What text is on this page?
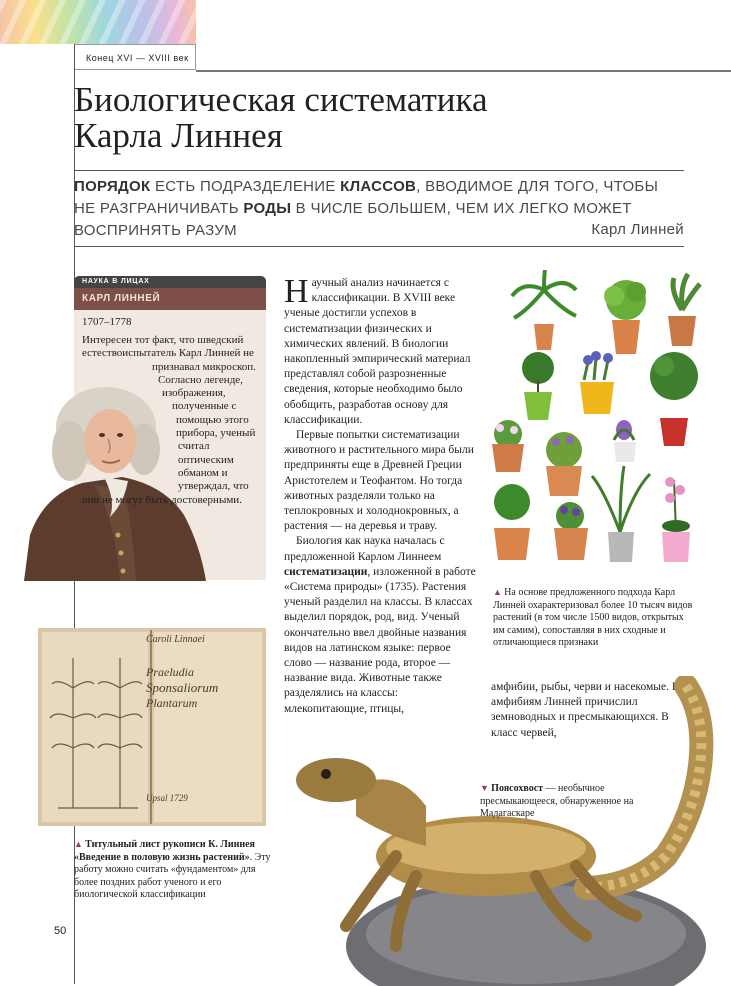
Конец XVI — XVIII век
Биологическая систематика
Карла Линнея
ПОРЯДОК ЕСТЬ ПОДРАЗДЕЛЕНИЕ КЛАССОВ, ВВОДИМОЕ ДЛЯ ТОГО, ЧТОБЫ НЕ РАЗГРАНИЧИВАТЬ РОДЫ В ЧИСЛЕ БОЛЬШЕМ, ЧЕМ ИХ ЛЕГКО МОЖЕТ ВОСПРИНЯТЬ РАЗУМ	Карл Линней
НАУКА В ЛИЦАХ
КАРЛ ЛИННЕЙ
1707–1778
Интересен тот факт, что шведский естествоиспытатель Карл Линней не признавал микроскоп. Согласно легенде, изображения, полученные с помощью этого прибора, ученый считал оптическим обманом и утверждал, что они не могут быть достоверными.

Научный анализ начинается с классификации. В XVIII веке ученые достигли успехов в систематизации физических и химических явлений. В биологии накопленный эмпирический материал представлял собой разрозненные сведения, которые необходимо было обобщить, разработав основу для классификации.

Первые попытки систематизации животного и растительного мира были предприняты еще в Древней Греции Аристотелем и Теофантом. Но тогда животных разделяли только на теплокровных и холоднокровных, а растения — на деревья и траву.

Биология как наука началась с предложенной Карлом Линнеем систематизации, изложенной в работе «Система природы» (1735). Растения ученый разделил на классы. В классах выделил порядок, род, вид. Ученый окончательно ввел двойные названия видов на латинском языке: первое слово — название рода, второе — название вида. Животные также разделялись на классы: млекопитающие, птицы,

▲ На основе предложенного подхода Карл Линней охарактеризовал более 10 тысяч видов растений (в том числе 1500 видов, открытых им самим), сопоставляя в них сходные и отличающиеся признаки
Caroli Linnaei
Praeludia
Sponsaliorum
Plantarum
Upsal 1729
▲ Титульный лист рукописи К. Линнея «Введение в половую жизнь растений». Эту работу можно считать «фундаментом» для более поздних работ ученого и его биологической классификации

амфибии, рыбы, черви и насекомые. К амфибиям Линней причислил земноводных и пресмыкающихся. В класс червей,

▼ Поясохвост — необычное пресмыкающееся, обнаруженное на Мадагаскаре
50
